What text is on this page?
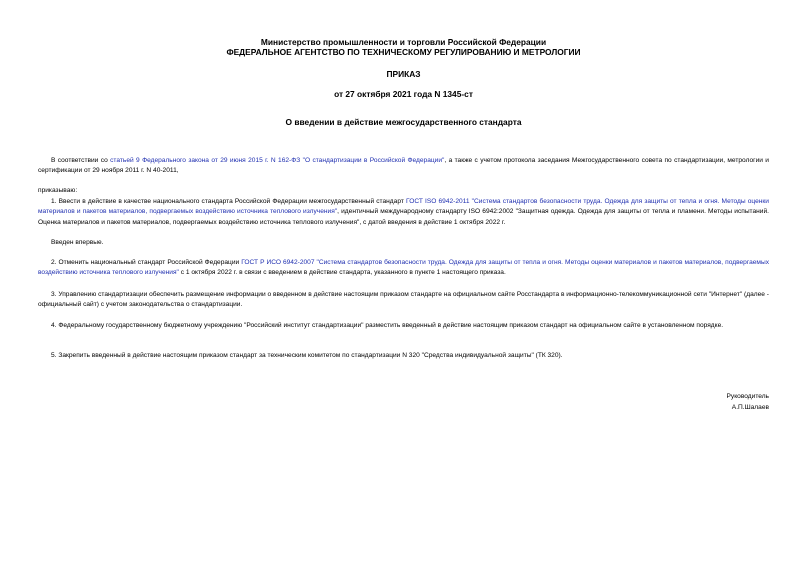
Министерство промышленности и торговли Российской Федерации
ФЕДЕРАЛЬНОЕ АГЕНТСТВО ПО ТЕХНИЧЕСКОМУ РЕГУЛИРОВАНИЮ И МЕТРОЛОГИИ
ПРИКАЗ
от 27 октября 2021 года N 1345-ст
О введении в действие межгосударственного стандарта
В соответствии со статьей 9 Федерального закона от 29 июня 2015 г. N 162-ФЗ "О стандартизации в Российской Федерации", а также с учетом протокола заседания Межгосударственного совета по стандартизации, метрологии и сертификации от 29 ноября 2011 г. N 40-2011,
приказываю:
1. Ввести в действие в качестве национального стандарта Российской Федерации межгосударственный стандарт ГОСТ ISO 6942-2011 "Система стандартов безопасности труда. Одежда для защиты от тепла и огня. Методы оценки материалов и пакетов материалов, подвергаемых воздействию источника теплового излучения", идентичный международному стандарту ISO 6942:2002 "Защитная одежда. Одежда для защиты от тепла и пламени. Методы испытаний. Оценка материалов и пакетов материалов, подвергаемых воздействию источника теплового излучения", с датой введения в действие 1 октября 2022 г.
Введен впервые.
2. Отменить национальный стандарт Российской Федерации ГОСТ Р ИСО 6942-2007 "Система стандартов безопасности труда. Одежда для защиты от тепла и огня. Методы оценки материалов и пакетов материалов, подвергаемых воздействию источника теплового излучения" с 1 октября 2022 г. в связи с введением в действие стандарта, указанного в пункте 1 настоящего приказа.
3. Управлению стандартизации обеспечить размещение информации о введенном в действие настоящим приказом стандарте на официальном сайте Росстандарта в информационно-телекоммуникационной сети "Интернет" (далее - официальный сайт) с учетом законодательства о стандартизации.
4. Федеральному государственному бюджетному учреждению "Российский институт стандартизации" разместить введенный в действие настоящим приказом стандарт на официальном сайте в установленном порядке.
5. Закрепить введенный в действие настоящим приказом стандарт за техническим комитетом по стандартизации N 320 "Средства индивидуальной защиты" (ТК 320).
Руководитель
А.П.Шалаев
